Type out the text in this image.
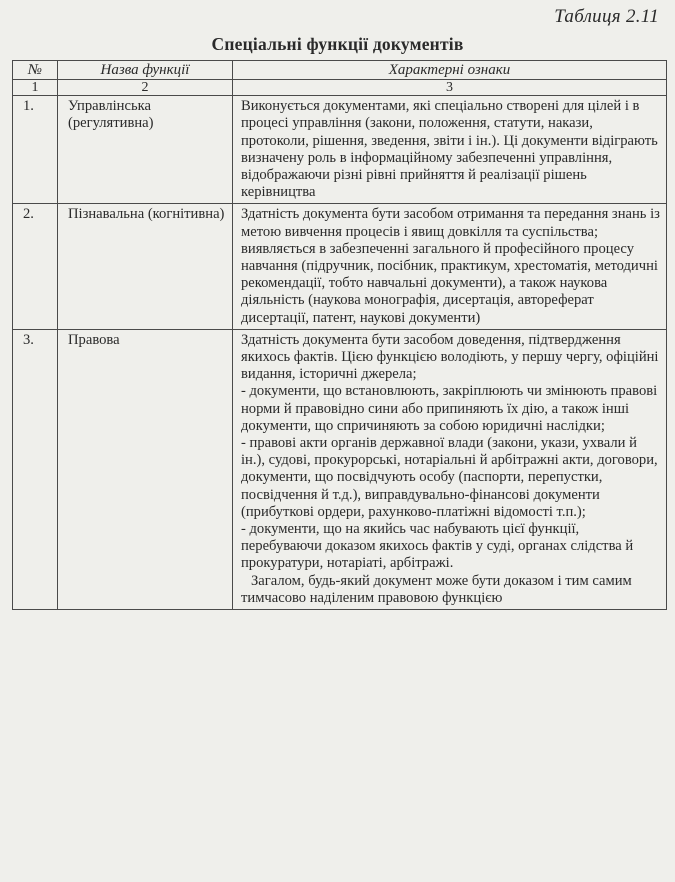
Таблиця 2.11
Спеціальні функції документів
№	Назва функції	Характерні ознаки
1	2	3
1.	Управлінська (регулятивна)	Виконується документами, які спеціально створені для цілей і в процесі управління (закони, положення, статути, накази, протоколи, рішення, зведення, звіти і ін.). Ці документи відіграють визначену роль в інформаційному забезпеченні управління, відображаючи різні рівні прийняття й реалізації рішень керівництва

2.	Пізнавальна (когнітивна)	Здатність документа бути засобом отримання та передання знань із метою вивчення процесів і явищ довкілля та суспільства; виявляється в забезпеченні загального й професійного процесу навчання (підручник, посібник, практикум, хрестоматія, методичні рекомендації, тобто навчальні документи), а також наукова діяльність (наукова монографія, дисертація, автореферат дисертації, патент, наукові документи)

3.	Правова	Здатність документа бути засобом доведення, підтвердження якихось фактів. Цією функцією володіють, у першу чергу, офіційні видання, історичні джерела;
- документи, що встановлюють, закріплюють чи змінюють правові норми й правовідно сини або припиняють їх дію, а також інші документи, що спричиняють за собою юридичні наслідки;
- правові акти органів державної влади (закони, укази, ухвали й ін.), судові, прокурорські, нотаріальні й арбітражні акти, договори, документи, що посвідчують особу (паспорти, перепустки, посвідчення й т.д.), виправдувально-фінансові документи (прибуткові ордери, рахунково-платіжні відомості т.п.);
- документи, що на якийсь час набувають цієї функції, перебуваючи доказом якихось фактів у суді, органах слідства й прокуратури, нотаріаті, арбітражі.
Загалом, будь-який документ може бути доказом і тим самим тимчасово наділеним правовою функцією
